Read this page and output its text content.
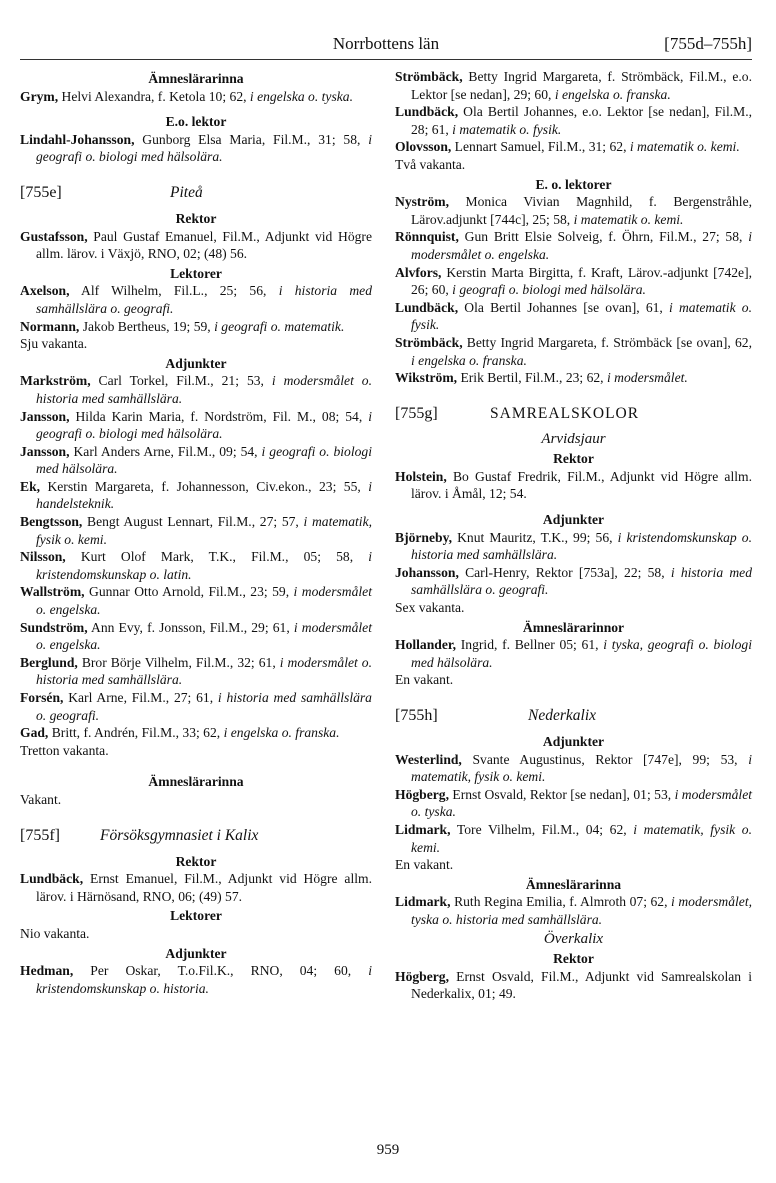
Norrbottens län	[755d–755h]
Ämneslärarinna
Grym, Helvi Alexandra, f. Ketola 10; 62, i engelska o. tyska.
E.o. lektor
Lindahl-Johansson, Gunborg Elsa Maria, Fil.M., 31; 58, i geografi o. biologi med hälsolära.
[755e]	Piteå
Rektor
Gustafsson, Paul Gustaf Emanuel, Fil.M., Adjunkt vid Högre allm. lärov. i Växjö, RNO, 02; (48) 56.
Lektorer
Axelson, Alf Wilhelm, Fil.L., 25; 56, i historia med samhällslära o. geografi.
Normann, Jakob Bertheus, 19; 59, i geografi o. matematik.
Sju vakanta.
Adjunkter
Markström, Carl Torkel, Fil.M., 21; 53, i modersmålet o. historia med samhällslära.
Jansson, Hilda Karin Maria, f. Nordström, Fil. M., 08; 54, i geografi o. biologi med hälsolära.
Jansson, Karl Anders Arne, Fil.M., 09; 54, i geografi o. biologi med hälsolära.
Ek, Kerstin Margareta, f. Johannesson, Civ.ekon., 23; 55, i handelsteknik.
Bengtsson, Bengt August Lennart, Fil.M., 27; 57, i matematik, fysik o. kemi.
Nilsson, Kurt Olof Mark, T.K., Fil.M., 05; 58, i kristendomskunskap o. latin.
Wallström, Gunnar Otto Arnold, Fil.M., 23; 59, i modersmålet o. engelska.
Sundström, Ann Evy, f. Jonsson, Fil.M., 29; 61, i modersmålet o. engelska.
Berglund, Bror Börje Vilhelm, Fil.M., 32; 61, i modersmålet o. historia med samhällslära.
Forsén, Karl Arne, Fil.M., 27; 61, i historia med samhällslära o. geografi.
Gad, Britt, f. Andrén, Fil.M., 33; 62, i engelska o. franska.
Tretton vakanta.
Ämneslärarinna
Vakant.
[755f]	Försöksgymnasiet i Kalix
Rektor
Lundbäck, Ernst Emanuel, Fil.M., Adjunkt vid Högre allm. lärov. i Härnösand, RNO, 06; (49) 57.
Lektorer
Nio vakanta.
Adjunkter
Hedman, Per Oskar, T.o.Fil.K., RNO, 04; 60, i kristendomskunskap o. historia.
Strömbäck, Betty Ingrid Margareta, f. Strömbäck, Fil.M., e.o. Lektor [se nedan], 29; 60, i engelska o. franska.
Lundbäck, Ola Bertil Johannes, e.o. Lektor [se nedan], Fil.M., 28; 61, i matematik o. fysik.
Olovsson, Lennart Samuel, Fil.M., 31; 62, i matematik o. kemi.
Två vakanta.
E. o. lektorer
Nyström, Monica Vivian Magnhild, f. Bergenstråhle, Lärov.adjunkt [744c], 25; 58, i matematik o. kemi.
Rönnquist, Gun Britt Elsie Solveig, f. Öhrn, Fil.M., 27; 58, i modersmålet o. engelska.
Alvfors, Kerstin Marta Birgitta, f. Kraft, Lärov.-adjunkt [742e], 26; 60, i geografi o. biologi med hälsolära.
Lundbäck, Ola Bertil Johannes [se ovan], 61, i matematik o. fysik.
Strömbäck, Betty Ingrid Margareta, f. Strömbäck [se ovan], 62, i engelska o. franska.
Wikström, Erik Bertil, Fil.M., 23; 62, i modersmålet.
[755g]	SAMREALSKOLOR
Arvidsjaur
Rektor
Holstein, Bo Gustaf Fredrik, Fil.M., Adjunkt vid Högre allm. lärov. i Åmål, 12; 54.
Adjunkter
Björneby, Knut Mauritz, T.K., 99; 56, i kristendomskunskap o. historia med samhällslära.
Johansson, Carl-Henry, Rektor [753a], 22; 58, i historia med samhällslära o. geografi.
Sex vakanta.
Ämneslärarinnor
Hollander, Ingrid, f. Bellner 05; 61, i tyska, geografi o. biologi med hälsolära.
En vakant.
[755h]	Nederkalix
Adjunkter
Westerlind, Svante Augustinus, Rektor [747e], 99; 53, i matematik, fysik o. kemi.
Högberg, Ernst Osvald, Rektor [se nedan], 01; 53, i modersmålet o. tyska.
Lidmark, Tore Vilhelm, Fil.M., 04; 62, i matematik, fysik o. kemi.
En vakant.
Ämneslärarinna
Lidmark, Ruth Regina Emilia, f. Almroth 07; 62, i modersmålet, tyska o. historia med samhällslära.
Överkalix
Rektor
Högberg, Ernst Osvald, Fil.M., Adjunkt vid Samrealskolan i Nederkalix, 01; 49.
959
